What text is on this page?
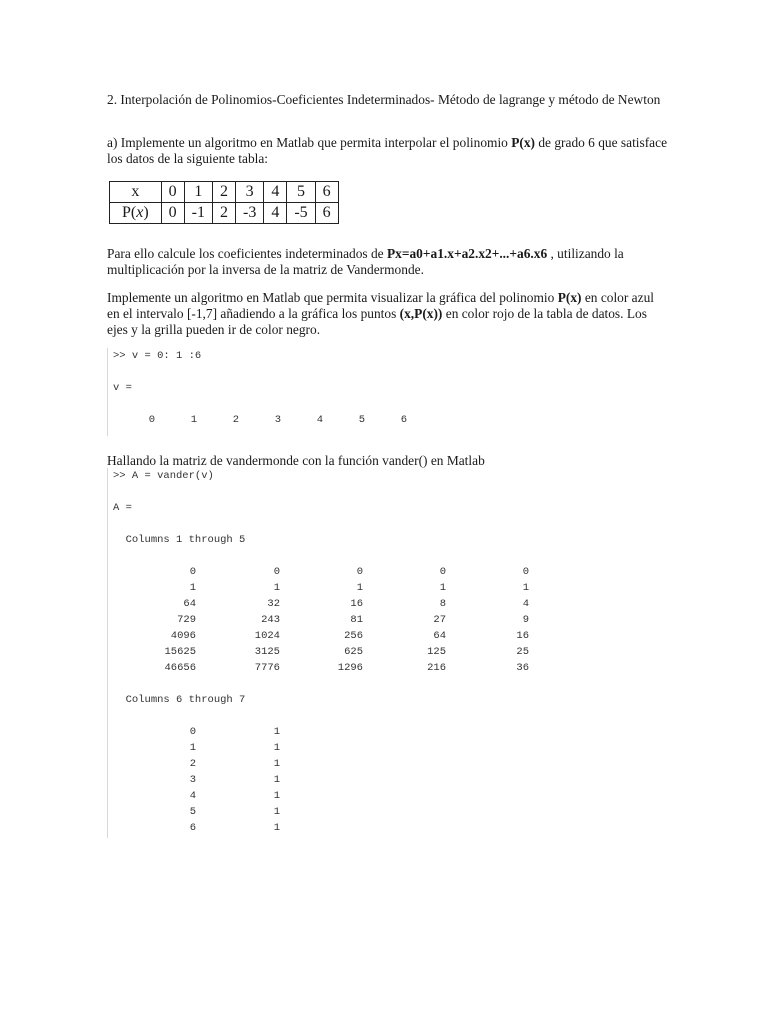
2. Interpolación de Polinomios-Coeficientes Indeterminados- Método de lagrange y método de Newton

a) Implemente un algoritmo en Matlab que permita interpolar el polinomio P(x) de grado 6 que satisface los datos de la siguiente tabla:

x	0	1	2	3	4	5	6
P(x)	0	-1	2	-3	4	-5	6

Para ello calcule los coeficientes indeterminados de Px=a0+a1.x+a2.x2+...+a6.x6 , utilizando la multiplicación por la inversa de la matriz de Vandermonde.

Implemente un algoritmo en Matlab que permita visualizar la gráfica del polinomio P(x) en color azul en el intervalo [-1,7] añadiendo a la gráfica los puntos (x,P(x)) en color rojo de la tabla de datos. Los ejes y la grilla pueden ir de color negro.

>> v = 0: 1 :6

v =

0	1	2	3	4	5	6

Hallando la matriz de vandermonde con la función vander() en Matlab

>> A = vander(v)

A =

Columns 1 through 5

0	0	0	0	0
1	1	1	1	1
64	32	16	8	4
729	243	81	27	9
4096	1024	256	64	16
15625	3125	625	125	25
46656	7776	1296	216	36

Columns 6 through 7

0	1
1	1
2	1
3	1
4	1
5	1
6	1
